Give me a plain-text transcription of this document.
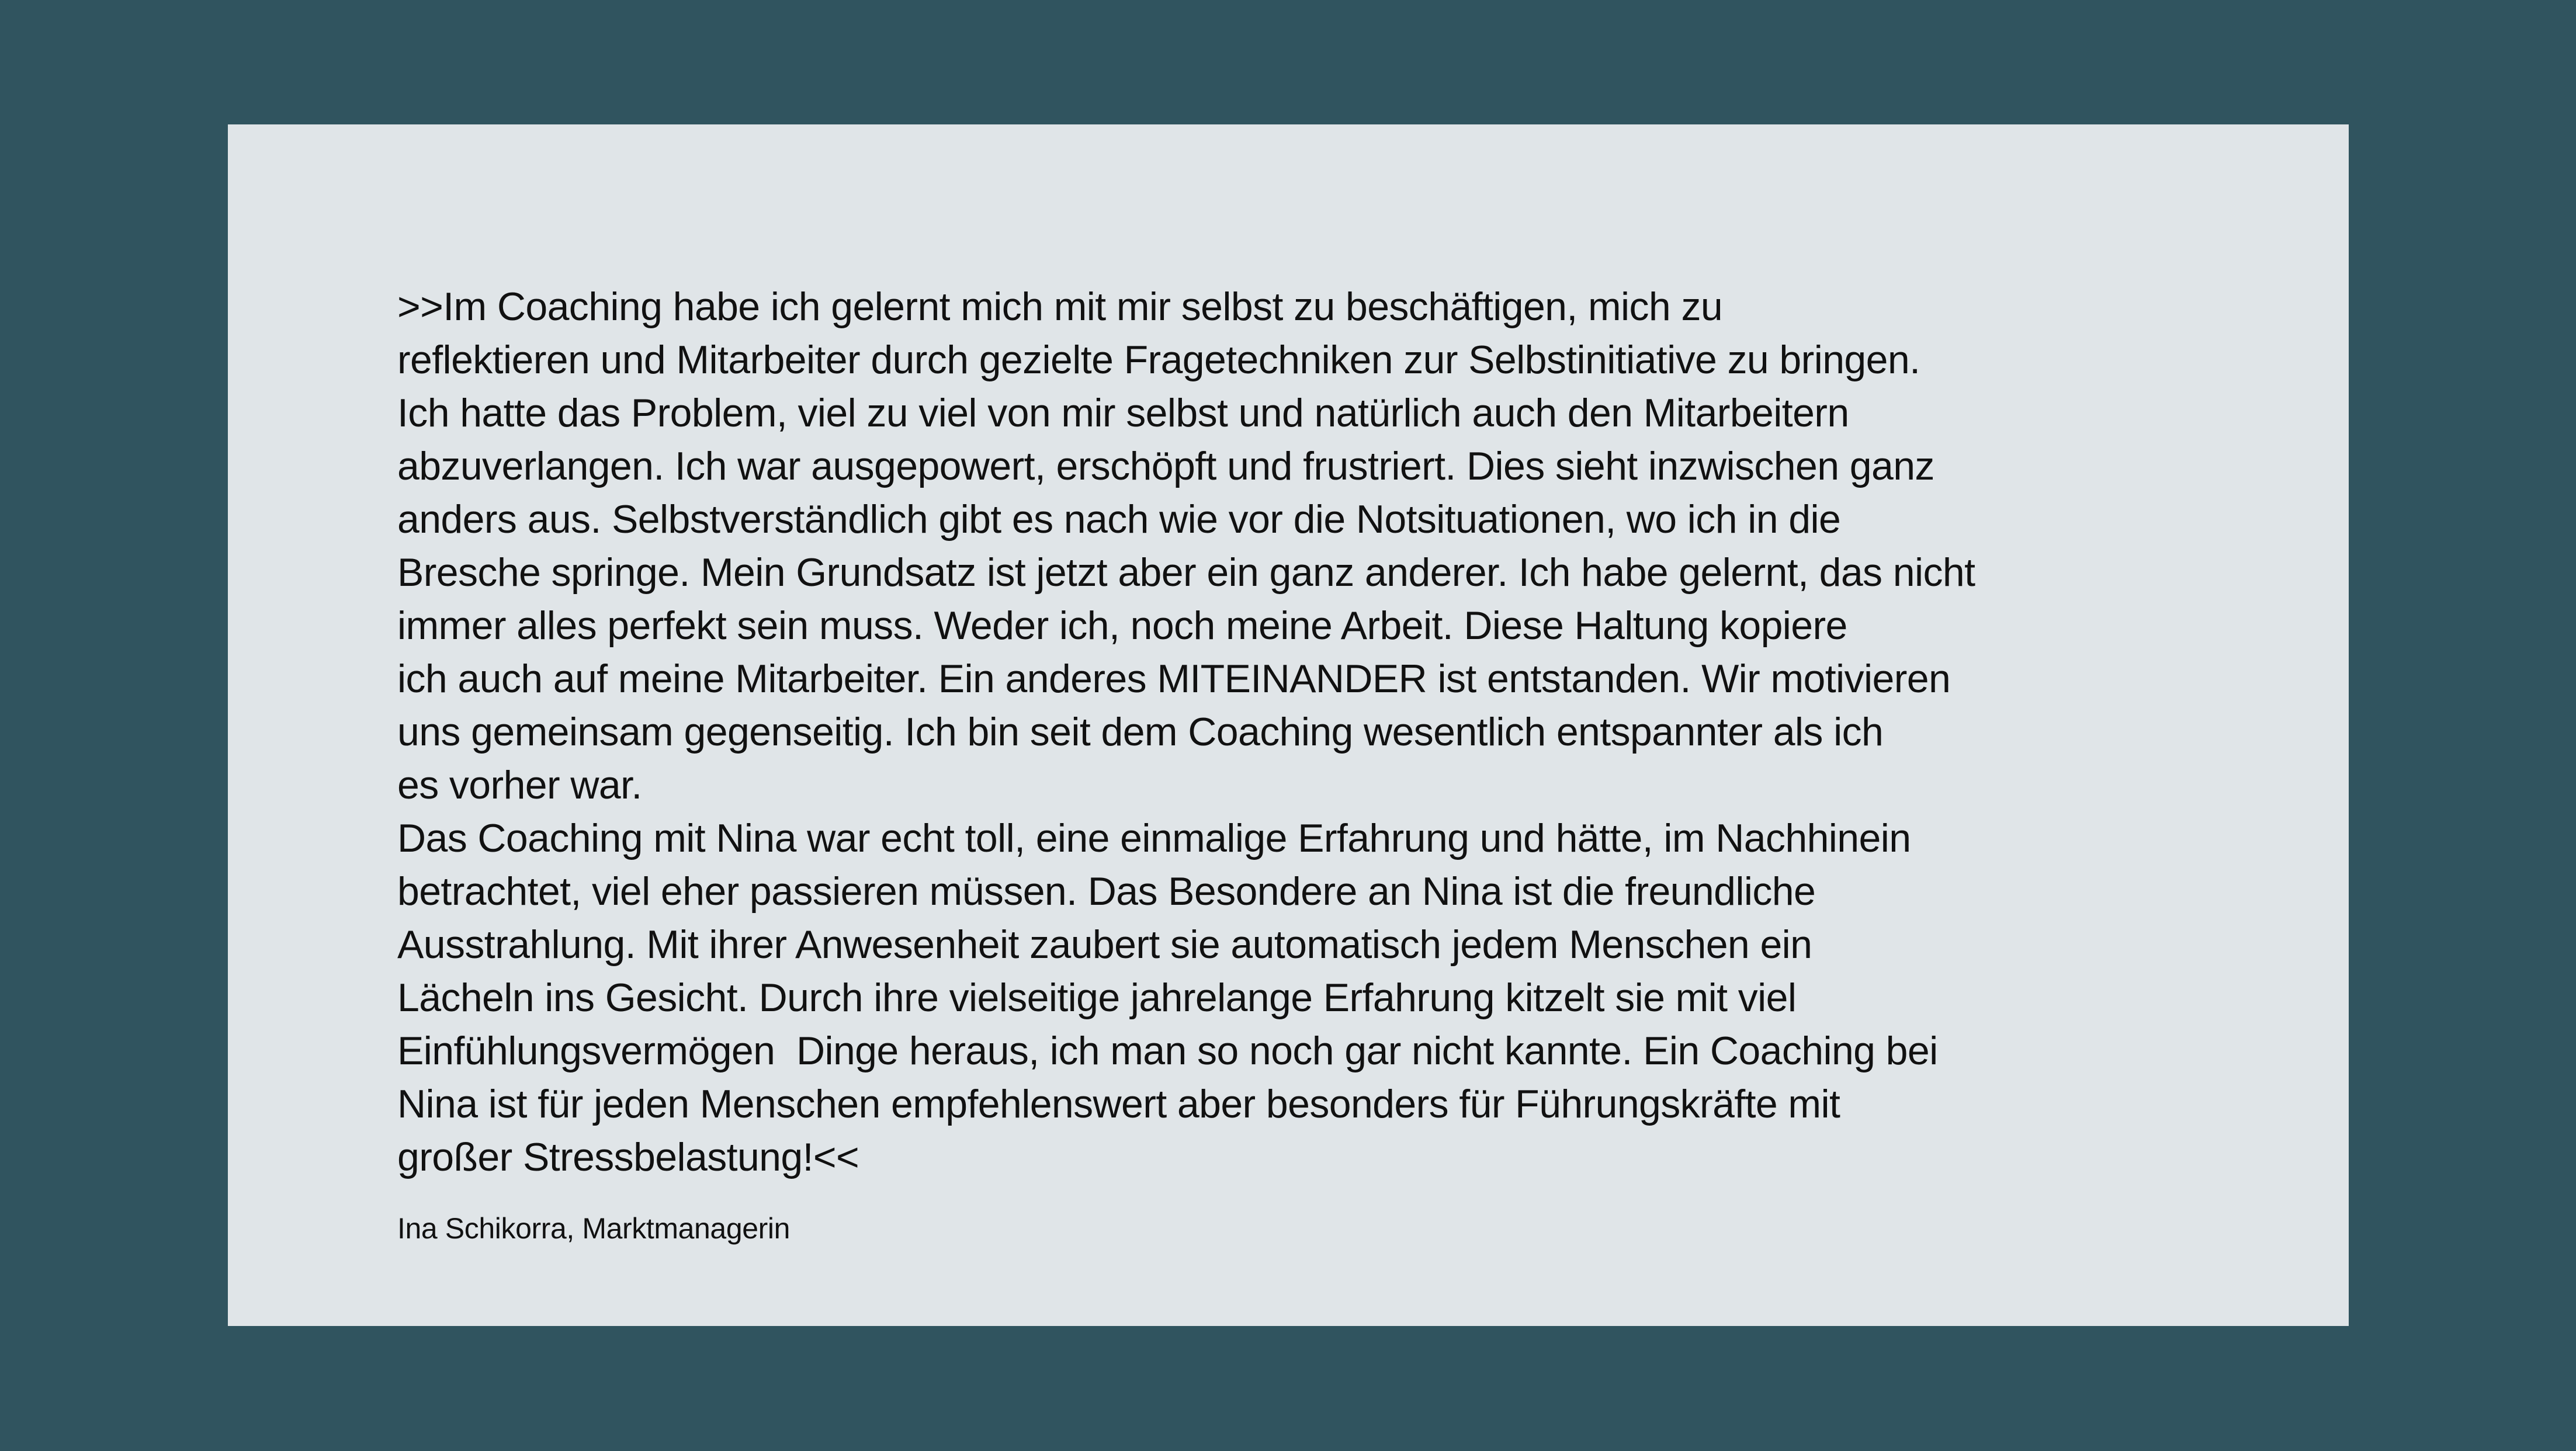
>>Im Coaching habe ich gelernt mich mit mir selbst zu beschäftigen, mich zu
reflektieren und Mitarbeiter durch gezielte Fragetechniken zur Selbstinitiative zu bringen.
Ich hatte das Problem, viel zu viel von mir selbst und natürlich auch den Mitarbeitern
abzuverlangen. Ich war ausgepowert, erschöpft und frustriert. Dies sieht inzwischen ganz
anders aus. Selbstverständlich gibt es nach wie vor die Notsituationen, wo ich in die
Bresche springe. Mein Grundsatz ist jetzt aber ein ganz anderer. Ich habe gelernt, das nicht
immer alles perfekt sein muss. Weder ich, noch meine Arbeit. Diese Haltung kopiere
ich auch auf meine Mitarbeiter. Ein anderes MITEINANDER ist entstanden. Wir motivieren
uns gemeinsam gegenseitig. Ich bin seit dem Coaching wesentlich entspannter als ich
es vorher war.
Das Coaching mit Nina war echt toll, eine einmalige Erfahrung und hätte, im Nachhinein
betrachtet, viel eher passieren müssen. Das Besondere an Nina ist die freundliche
Ausstrahlung. Mit ihrer Anwesenheit zaubert sie automatisch jedem Menschen ein
Lächeln ins Gesicht. Durch ihre vielseitige jahrelange Erfahrung kitzelt sie mit viel
Einfühlungsvermögen  Dinge heraus, ich man so noch gar nicht kannte. Ein Coaching bei
Nina ist für jeden Menschen empfehlenswert aber besonders für Führungskräfte mit
großer Stressbelastung!<<
Ina Schikorra, Marktmanagerin
